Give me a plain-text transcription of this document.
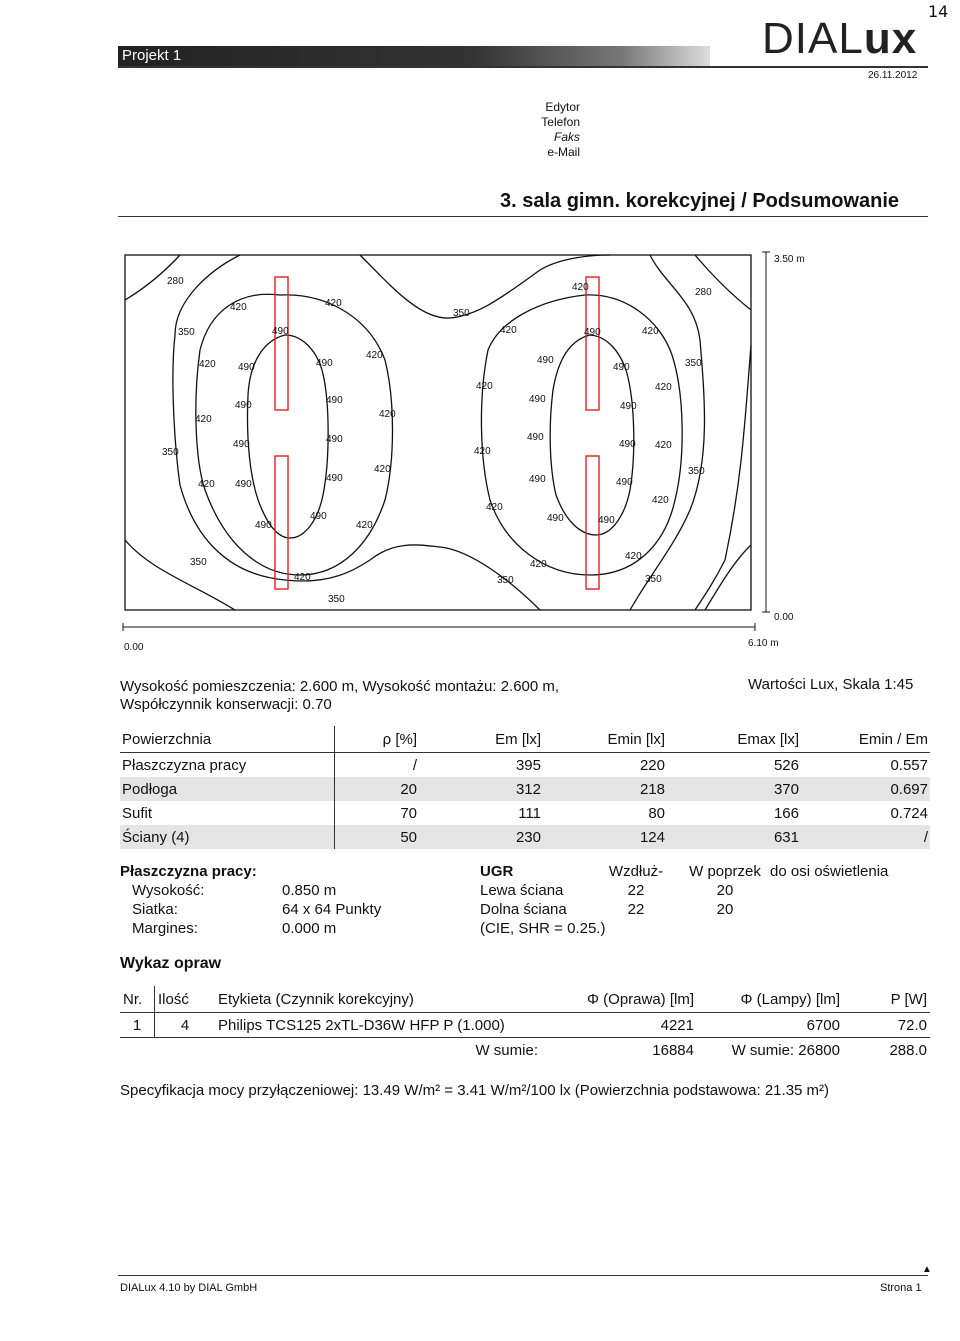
14
Projekt 1	DIALux
26.11.2012
Edytor
Telefon
Faks
e-Mail
3. sala gimn. korekcyjnej / Podsumowanie
3.50 m
0.00
0.00	6.10 m
280
280
350
350
350
350
350
350	350
350
350
420	420
420
420
420
420
420
420
420
420
420
420	420
420	420
420
420
420
490
490
490
490	490
490	490
490
490
490
490
490
490
490
490
490
490
490
490	490
490	490
420
420
420
Wysokość pomieszczenia: 2.600 m, Wysokość montażu: 2.600 m,
Współczynnik konserwacji: 0.70
Wartości Lux, Skala 1:45
Powierzchnia	ρ [%]	Em [lx]	Emin [lx]	Emax [lx]	Emin / Em
Płaszczyzna pracy	/	395	220	526	0.557
Podłoga	20	312	218	370	0.697
Sufit	70	111	80	166	0.724
Ściany (4)	50	230	124	631	/
Płaszczyzna pracy:
Wysokość:	0.850 m
Siatka:	64 x 64 Punkty
Margines:	0.000 m
UGR	Wzdłuż- W poprzek do osi oświetlenia
Lewa ściana	22	20
Dolna ściana	22	20
(CIE, SHR = 0.25.)
Wykaz opraw
Nr.	Ilość	Etykieta (Czynnik korekcyjny)	Φ (Oprawa) [lm]	Φ (Lampy) [lm]	P [W]
1	4	Philips TCS125 2xTL-D36W HFP P (1.000)	4221	6700	72.0
		W sumie:	16884	W sumie: 26800	288.0
Specyfikacja mocy przyłączeniowej: 13.49 W/m² = 3.41 W/m²/100 lx (Powierzchnia podstawowa: 21.35 m²)
▲
DIALux 4.10 by DIAL GmbH	Strona 1
